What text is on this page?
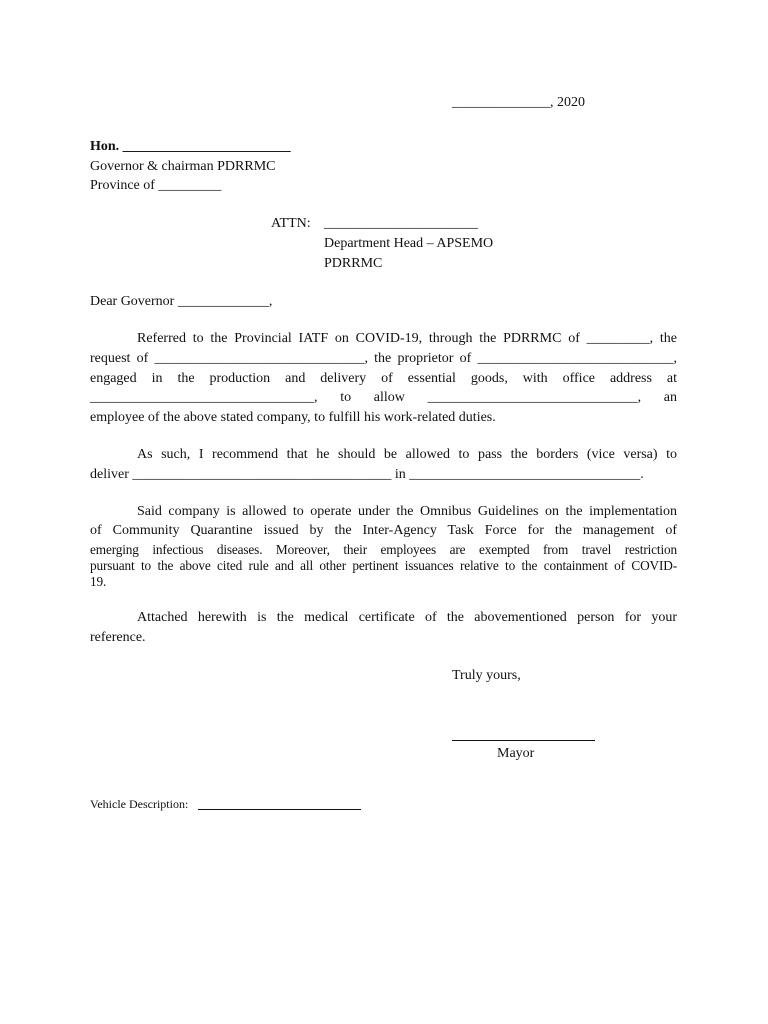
______________, 2020
Hon. ________________________
Governor & chairman PDRRMC
Province of _________
ATTN: ______________________
Department Head – APSEMO
PDRRMC
Dear Governor _____________,
Referred to the Provincial IATF on COVID-19, through the PDRRMC of _________, the
request of ______________________________, the proprietor of ____________________________,
engaged in the production and delivery of essential goods, with office address at
________________________________, to allow ______________________________, an
employee of the above stated company, to fulfill his work-related duties.
As such, I recommend that he should be allowed to pass the borders (vice versa) to
deliver _____________________________________ in _________________________________.
Said company is allowed to operate under the Omnibus Guidelines on the implementation
of Community Quarantine issued by the Inter-Agency Task Force for the management of
emerging infectious diseases. Moreover, their employees are exempted from travel restriction
pursuant to the above cited rule and all other pertinent issuances relative to the containment of COVID-
19.
Attached herewith is the medical certificate of the abovementioned person for your
reference.
Truly yours,
Mayor
Vehicle Description:
